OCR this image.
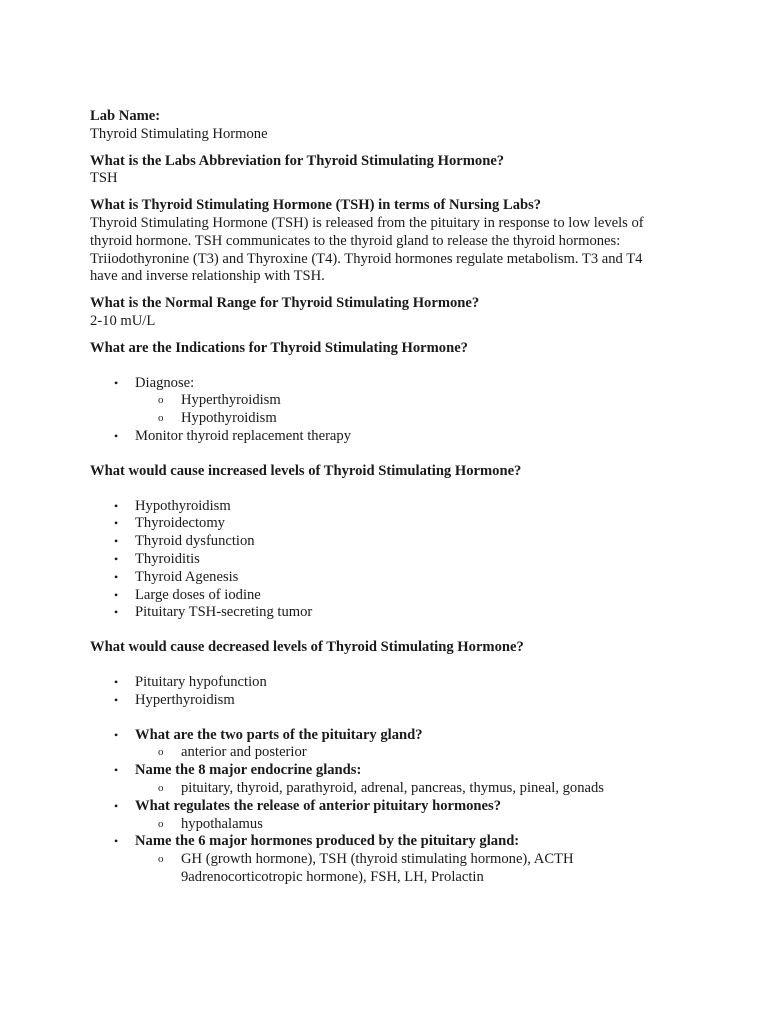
Lab Name:

Thyroid Stimulating Hormone

What is the Labs Abbreviation for Thyroid Stimulating Hormone?

TSH

What is Thyroid Stimulating Hormone (TSH) in terms of Nursing Labs?

Thyroid Stimulating Hormone (TSH) is released from the pituitary in response to low levels of thyroid hormone. TSH communicates to the thyroid gland to release the thyroid hormones: Triiodothyronine (T3) and Thyroxine (T4). Thyroid hormones regulate metabolism. T3 and T4 have and inverse relationship with TSH.

What is the Normal Range for Thyroid Stimulating Hormone?

2-10 mU/L

What are the Indications for Thyroid Stimulating Hormone?

• Diagnose:
o Hyperthyroidism
o Hypothyroidism
• Monitor thyroid replacement therapy

What would cause increased levels of Thyroid Stimulating Hormone?

• Hypothyroidism
• Thyroidectomy
• Thyroid dysfunction
• Thyroiditis
• Thyroid Agenesis
• Large doses of iodine
• Pituitary TSH-secreting tumor

What would cause decreased levels of Thyroid Stimulating Hormone?

• Pituitary hypofunction
• Hyperthyroidism
• What are the two parts of the pituitary gland?
o anterior and posterior
• Name the 8 major endocrine glands:
o pituitary, thyroid, parathyroid, adrenal, pancreas, thymus, pineal, gonads
• What regulates the release of anterior pituitary hormones?
o hypothalamus
• Name the 6 major hormones produced by the pituitary gland:
o GH (growth hormone), TSH (thyroid stimulating hormone), ACTH 9adrenocorticotropic hormone), FSH, LH, Prolactin
